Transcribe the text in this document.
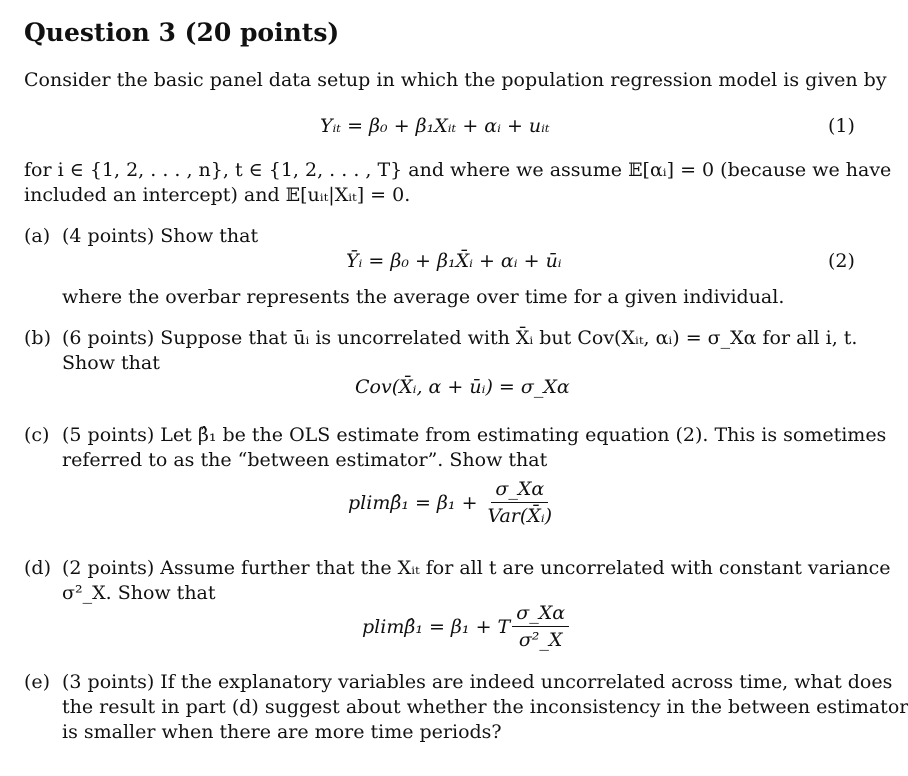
Question 3 (20 points)
Consider the basic panel data setup in which the population regression model is given by
Yᵢₜ = β₀ + β₁Xᵢₜ + αᵢ + uᵢₜ	(1)
for i ∈ {1, 2, . . . , n}, t ∈ {1, 2, . . . , T} and where we assume 𝔼[αᵢ] = 0 (because we have
included an intercept) and 𝔼[uᵢₜ|Xᵢₜ] = 0.
(a) (4 points) Show that
Ȳᵢ = β₀ + β₁X̄ᵢ + αᵢ + ūᵢ	(2)
where the overbar represents the average over time for a given individual.
(b) (6 points) Suppose that ūᵢ is uncorrelated with X̄ᵢ but Cov(Xᵢₜ, αᵢ) = σ_Xα for all i, t.
Show that
Cov(X̄ᵢ, α + ūᵢ) = σ_Xα
(c) (5 points) Let β̂₁ be the OLS estimate from estimating equation (2). This is sometimes
referred to as the “between estimator”. Show that
plimβ̂₁ = $\beta_1 + \frac{\sigma\_X\alpha}{\text{Var(X̄ᵢ)}}$
(d) (2 points) Assume further that the Xᵢₜ for all t are uncorrelated with constant variance
σ²_X. Show that
plimβ̂₁ = β₁ + T $\frac{\sigma\_X\alpha}{\text{σ²\_X}}$
(e) (3 points) If the explanatory variables are indeed uncorrelated across time, what does
the result in part (d) suggest about whether the inconsistency in the between estimator
is smaller when there are more time periods?
